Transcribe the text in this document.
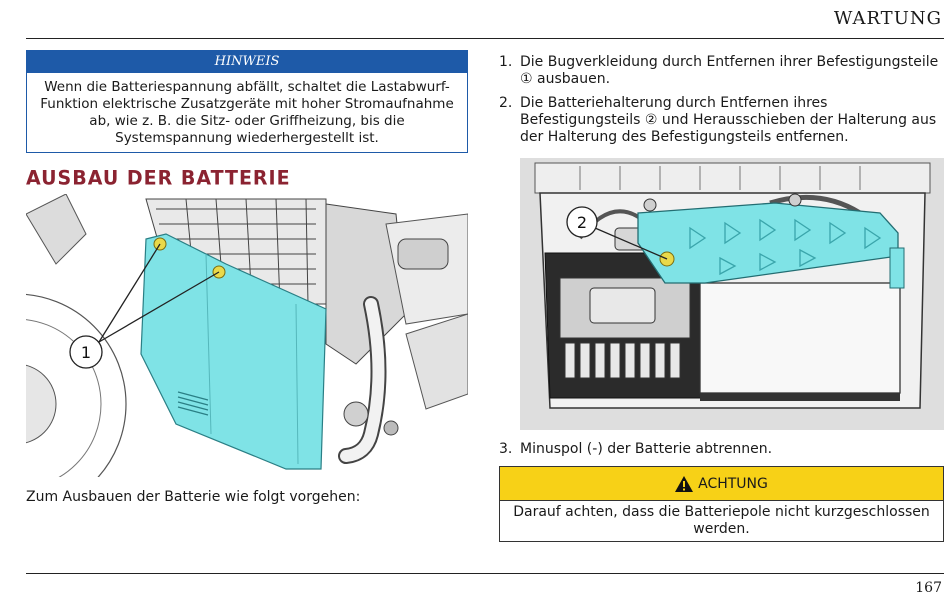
WARTUNG
HINWEIS
Wenn die Batteriespannung abfällt, schaltet die Lastabwurf-Funktion elektrische Zusatzgeräte mit hoher Stromaufnahme ab, wie z. B. die Sitz- oder Griffheizung, bis die Systemspannung wiederhergestellt ist.
AUSBAU DER BATTERIE
1
Zum Ausbauen der Batterie wie folgt vorgehen:
1. Die Bugverkleidung durch Entfernen ihrer Befestigungsteile ① ausbauen.
2. Die Batteriehalterung durch Entfernen ihres Befestigungsteils ② und Herausschieben der Halterung aus der Halterung des Befestigungsteils entfernen.
3. Minuspol (-) der Batterie abtrennen.
2
ACHTUNG
Darauf achten, dass die Batteriepole nicht kurzgeschlossen werden.
167
